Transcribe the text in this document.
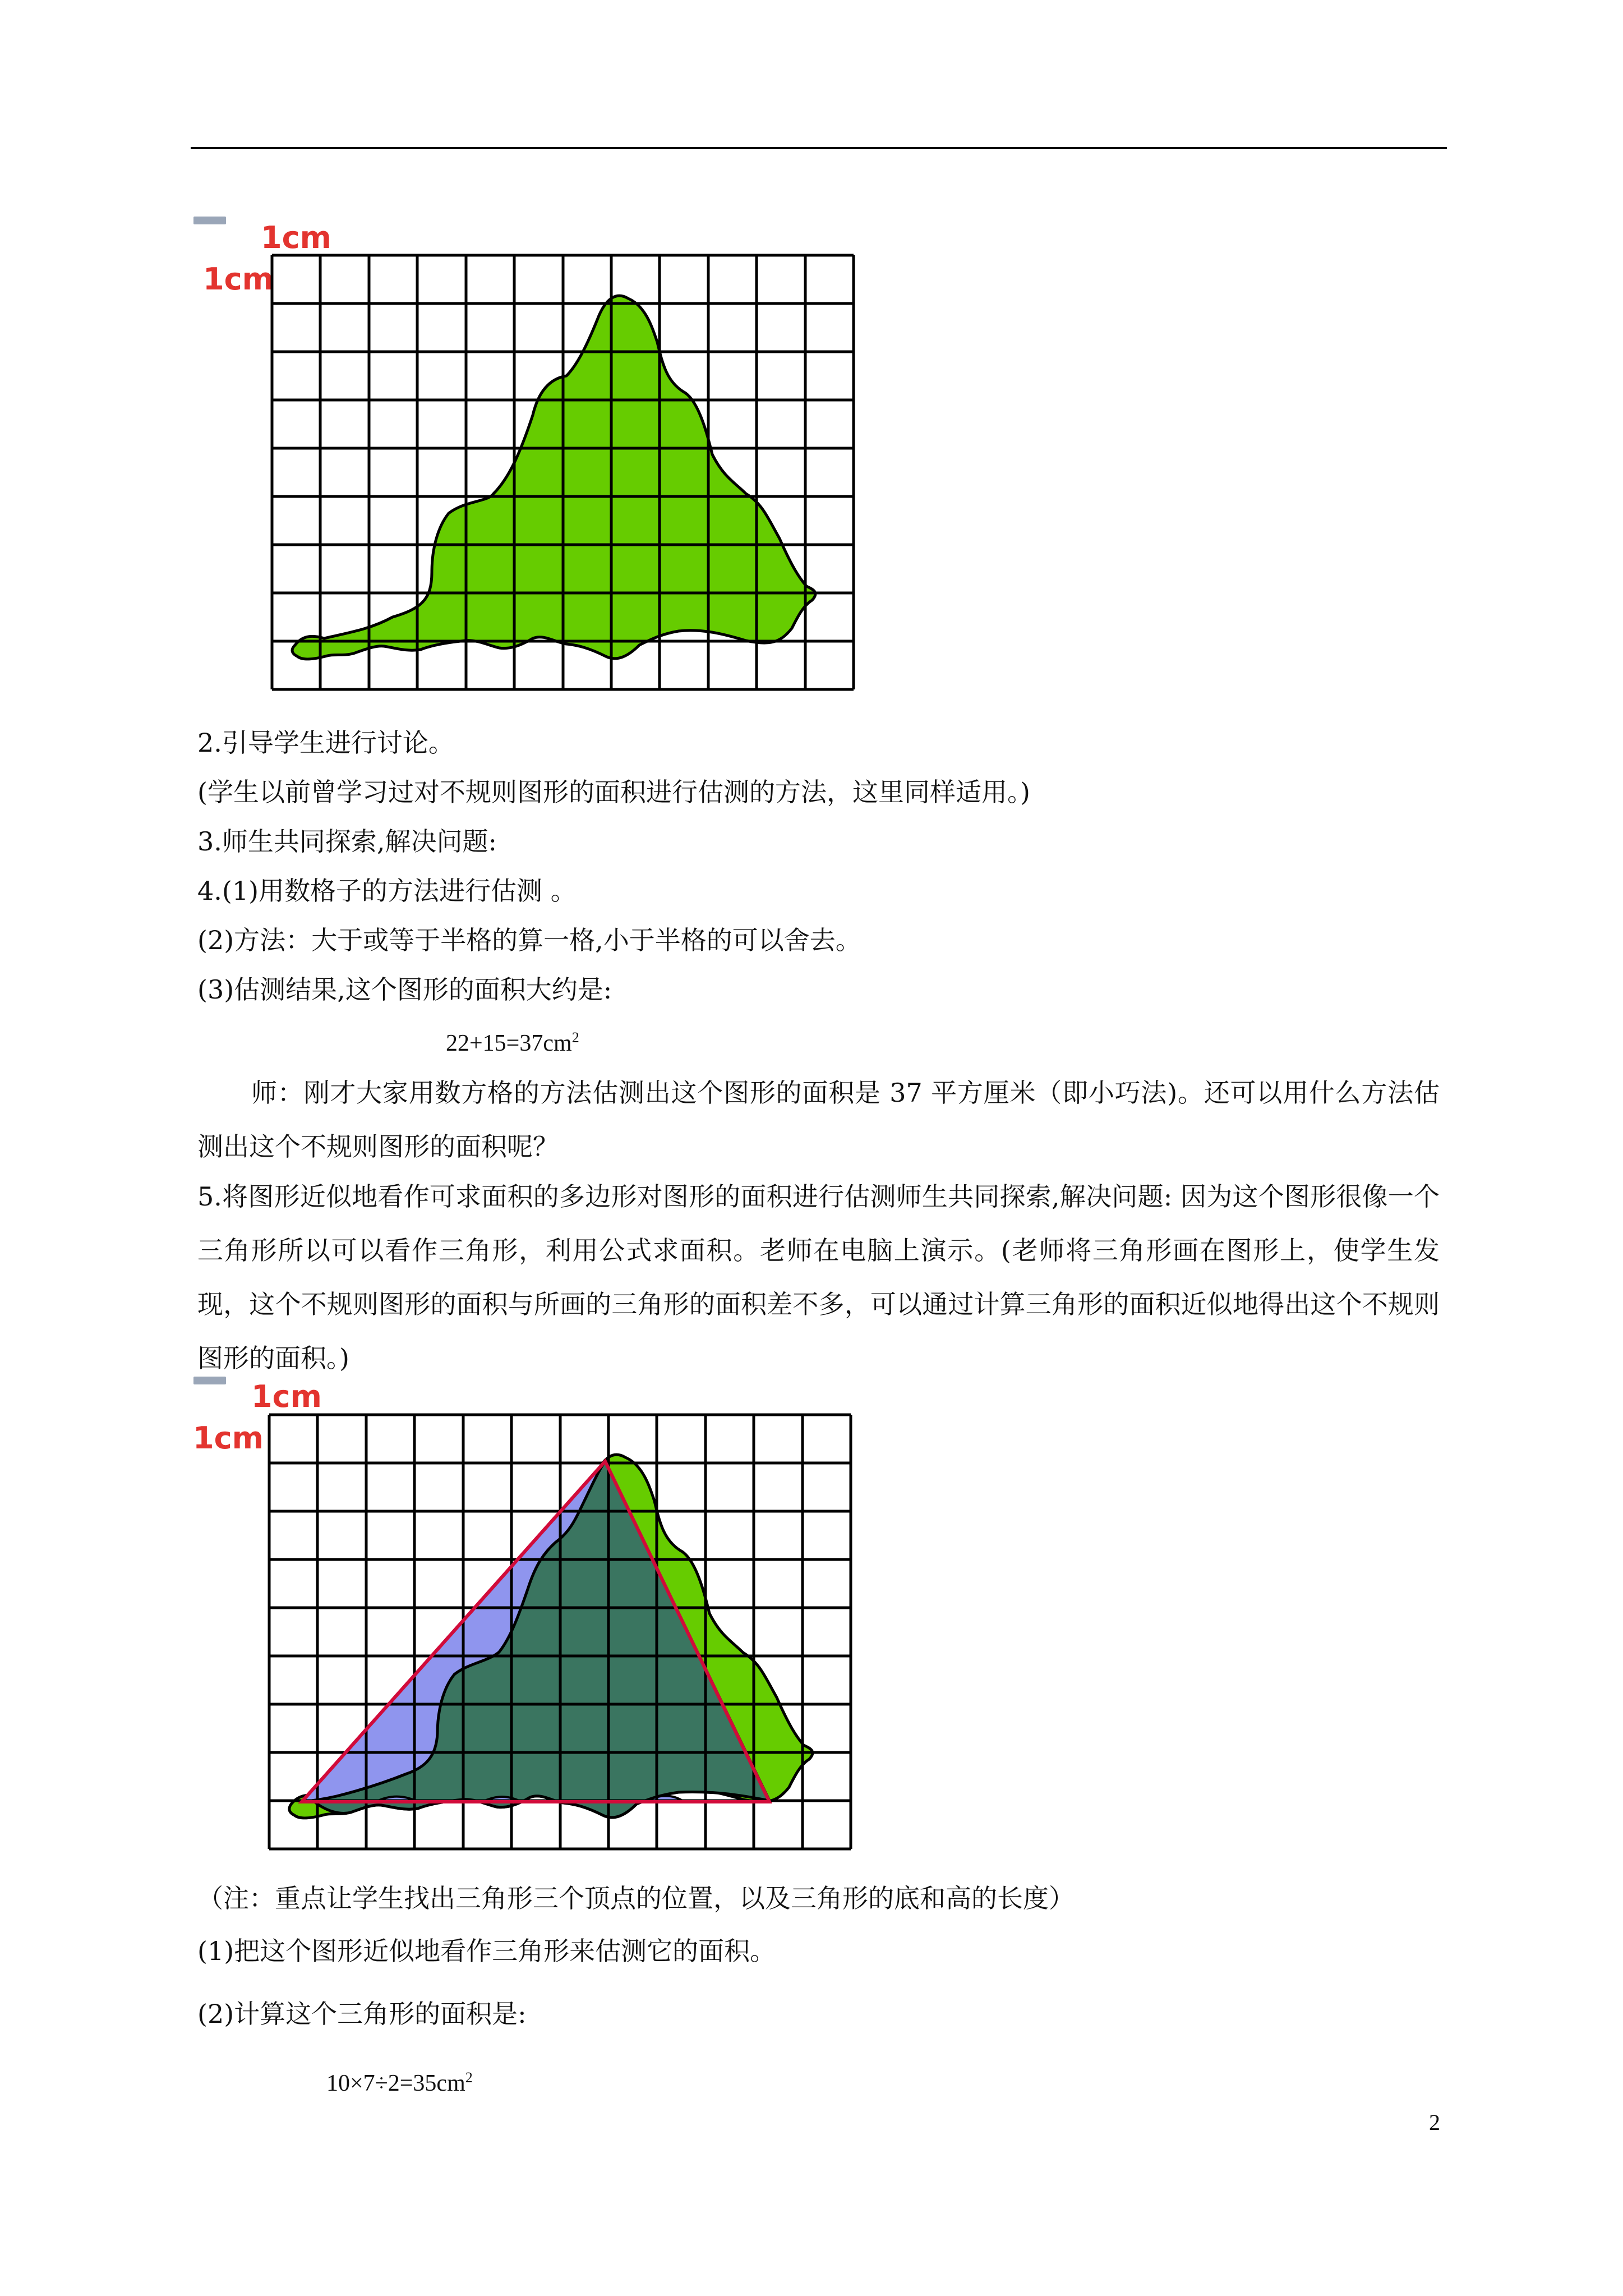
1cm
1cm
2.引导学生进行讨论。
(学生以前曾学习过对不规则图形的面积进行估测的方法，这里同样适用。)
3.师生共同探索,解决问题:
4.(1)用数格子的方法进行估测 。
(2)方法：大于或等于半格的算一格,小于半格的可以舍去。
(3)估测结果,这个图形的面积大约是:
$22+15=37cm^2$

师：刚才大家用数方格的方法估测出这个图形的面积是 37 平方厘米（即小巧法)。还可以用什么方法估测出这个不规则图形的面积呢？

5.将图形近似地看作可求面积的多边形对图形的面积进行估测师生共同探索,解决问题: 因为这个图形很像一个三角形所以可以看作三角形，利用公式求面积。老师在电脑上演示。(老师将三角形画在图形上，使学生发现，这个不规则图形的面积与所画的三角形的面积差不多，可以通过计算三角形的面积近似地得出这个不规则图形的面积。)

1cm
1cm
（注：重点让学生找出三角形三个顶点的位置，以及三角形的底和高的长度）
(1)把这个图形近似地看作三角形来估测它的面积。
(2)计算这个三角形的面积是:
$10\times 7\div 2=35cm^2$
2
